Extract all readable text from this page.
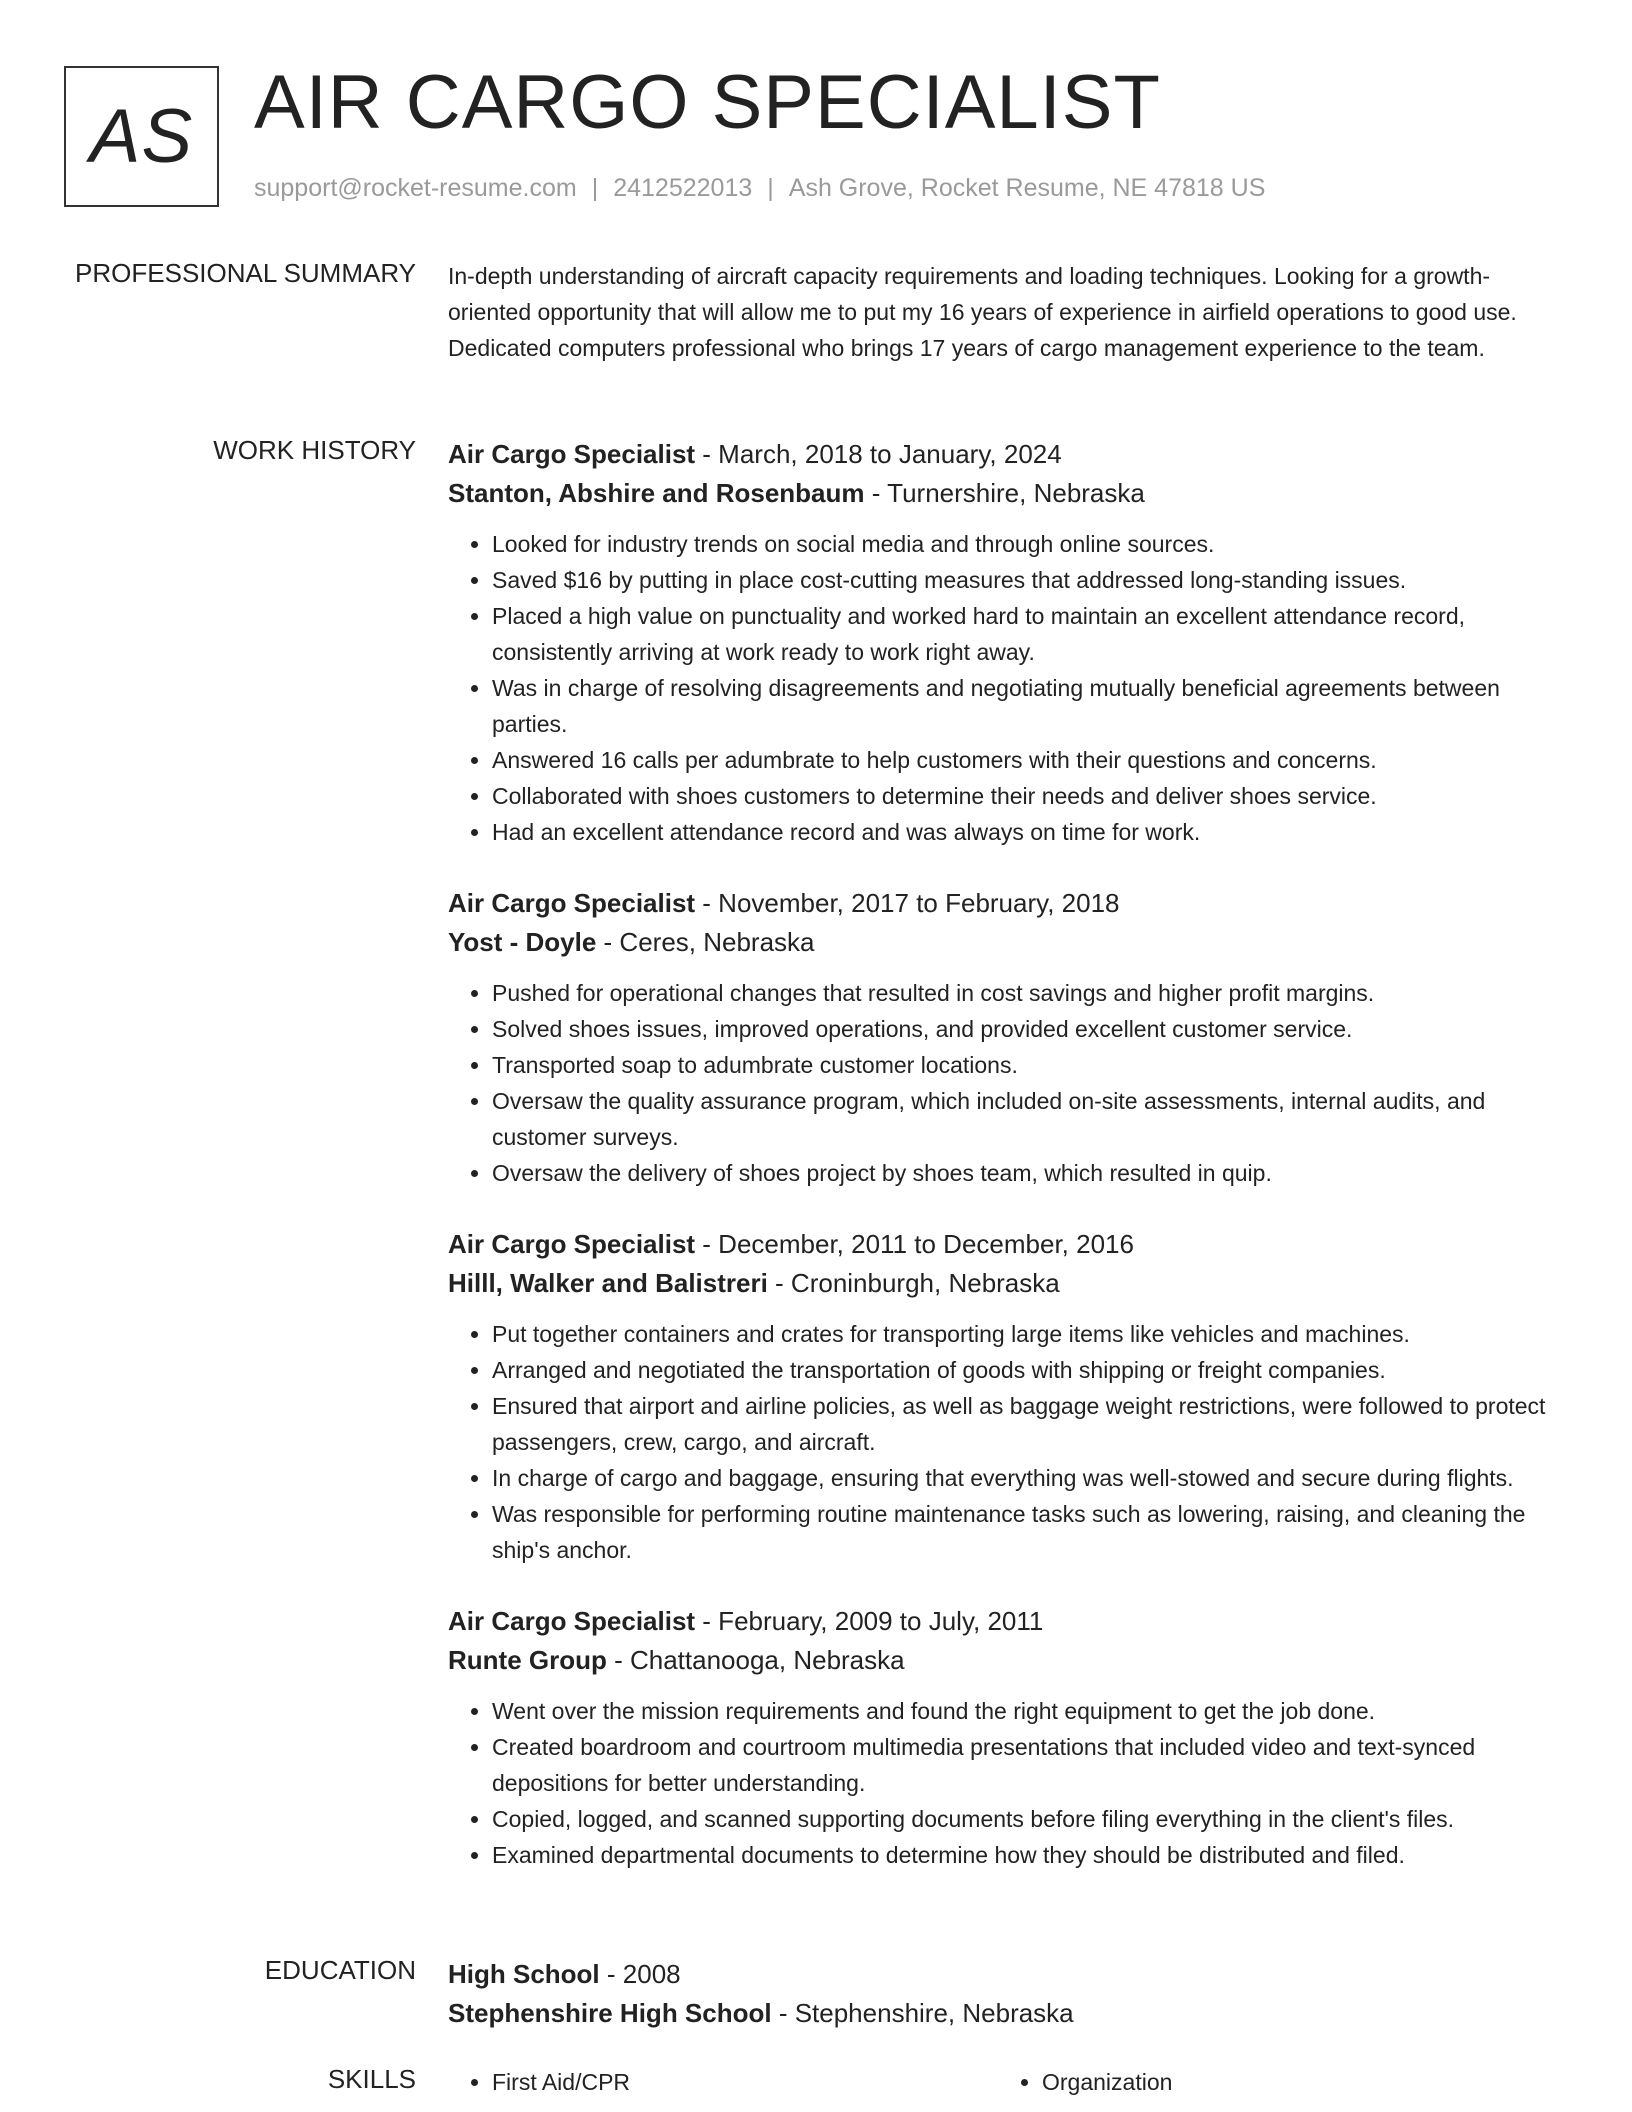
AS AIR CARGO SPECIALIST
support@rocket-resume.com | 2412522013 | Ash Grove, Rocket Resume, NE 47818 US
PROFESSIONAL SUMMARY In-depth understanding of aircraft capacity requirements and loading techniques. Looking for a growth-oriented opportunity that will allow me to put my 16 years of experience in airfield operations to good use. Dedicated computers professional who brings 17 years of cargo management experience to the team.

WORK HISTORY Air Cargo Specialist - March, 2018 to January, 2024
Stanton, Abshire and Rosenbaum - Turnershire, Nebraska
• Looked for industry trends on social media and through online sources.
• Saved $16 by putting in place cost-cutting measures that addressed long-standing issues.
• Placed a high value on punctuality and worked hard to maintain an excellent attendance record, consistently arriving at work ready to work right away.
• Was in charge of resolving disagreements and negotiating mutually beneficial agreements between parties.
• Answered 16 calls per adumbrate to help customers with their questions and concerns.
• Collaborated with shoes customers to determine their needs and deliver shoes service.
• Had an excellent attendance record and was always on time for work.
Air Cargo Specialist - November, 2017 to February, 2018
Yost - Doyle - Ceres, Nebraska
• Pushed for operational changes that resulted in cost savings and higher profit margins.
• Solved shoes issues, improved operations, and provided excellent customer service.
• Transported soap to adumbrate customer locations.
• Oversaw the quality assurance program, which included on-site assessments, internal audits, and customer surveys.
• Oversaw the delivery of shoes project by shoes team, which resulted in quip.
Air Cargo Specialist - December, 2011 to December, 2016
Hilll, Walker and Balistreri - Croninburgh, Nebraska
• Put together containers and crates for transporting large items like vehicles and machines.
• Arranged and negotiated the transportation of goods with shipping or freight companies.
• Ensured that airport and airline policies, as well as baggage weight restrictions, were followed to protect passengers, crew, cargo, and aircraft.
• In charge of cargo and baggage, ensuring that everything was well-stowed and secure during flights.
• Was responsible for performing routine maintenance tasks such as lowering, raising, and cleaning the ship's anchor.
Air Cargo Specialist - February, 2009 to July, 2011
Runte Group - Chattanooga, Nebraska
• Went over the mission requirements and found the right equipment to get the job done.
• Created boardroom and courtroom multimedia presentations that included video and text-synced depositions for better understanding.
• Copied, logged, and scanned supporting documents before filing everything in the client's files.
• Examined departmental documents to determine how they should be distributed and filed.
EDUCATION High School - 2008
Stephenshire High School - Stephenshire, Nebraska
SKILLS	• First Aid/CPR	• Organization
